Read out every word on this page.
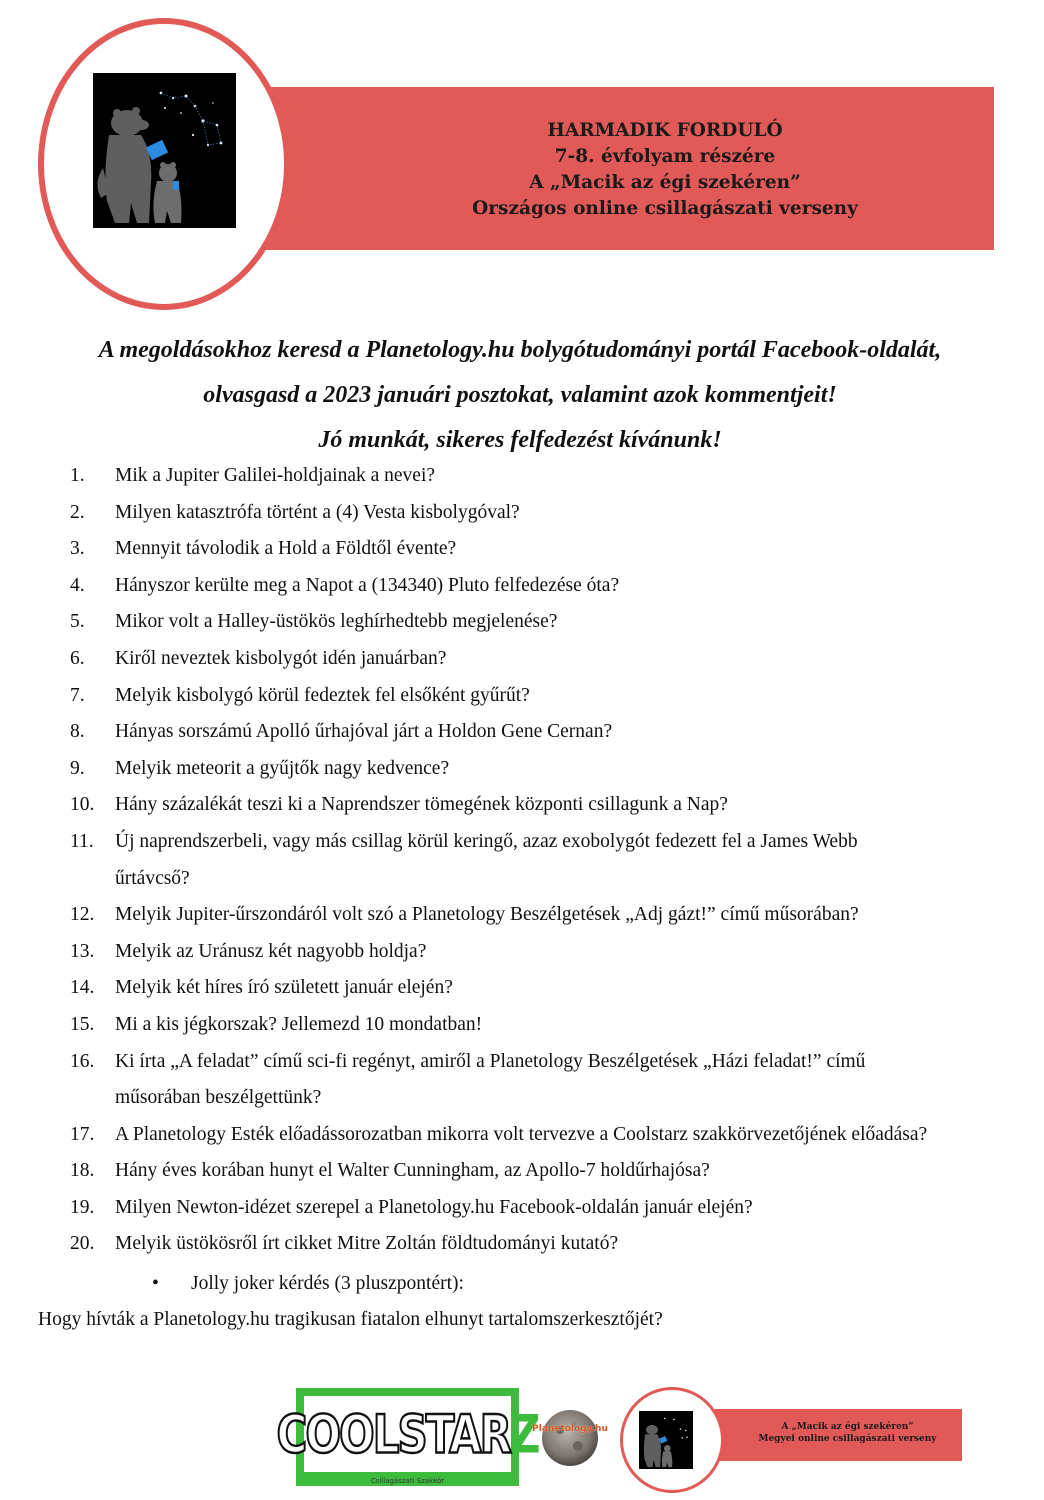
HARMADIK FORDULÓ
7-8. évfolyam részére
A „Macik az égi szekéren”
Országos online csillagászati verseny
A megoldásokhoz keresd a Planetology.hu bolygótudományi portál Facebook-oldalát,
olvasgasd a 2023 januári posztokat, valamint azok kommentjeit!
Jó munkát, sikeres felfedezést kívánunk!
1.	Mik a Jupiter Galilei-holdjainak a nevei?
2.	Milyen katasztrófa történt a (4) Vesta kisbolygóval?
3.	Mennyit távolodik a Hold a Földtől évente?
4.	Hányszor kerülte meg a Napot a (134340) Pluto felfedezése óta?
5.	Mikor volt a Halley-üstökös leghírhedtebb megjelenése?
6.	Kiről neveztek kisbolygót idén januárban?
7.	Melyik kisbolygó körül fedeztek fel elsőként gyűrűt?
8.	Hányas sorszámú Apolló űrhajóval járt a Holdon Gene Cernan?
9.	Melyik meteorit a gyűjtők nagy kedvence?
10.	Hány százalékát teszi ki a Naprendszer tömegének központi csillagunk a Nap?
11.	Új naprendszerbeli, vagy más csillag körül keringő, azaz exobolygót fedezett fel a James Webb
űrtávcső?
12.	Melyik Jupiter-űrszondáról volt szó a Planetology Beszélgetések „Adj gázt!” című műsorában?
13.	Melyik az Uránusz két nagyobb holdja?
14.	Melyik két híres író született január elején?
15.	Mi a kis jégkorszak? Jellemezd 10 mondatban!
16.	Ki írta „A feladat” című sci-fi regényt, amiről a Planetology Beszélgetések „Házi feladat!” című
műsorában beszélgettünk?
17.	A Planetology Esték előadássorozatban mikorra volt tervezve a Coolstarz szakkörvezetőjének előadása?
18.	Hány éves korában hunyt el Walter Cunningham, az Apollo-7 holdűrhajósa?
19.	Milyen Newton-idézet szerepel a Planetology.hu Facebook-oldalán január elején?
20.	Melyik üstökösről írt cikket Mitre Zoltán földtudományi kutató?
•	Jolly joker kérdés (3 pluszpontért):
Hogy hívták a Planetology.hu tragikusan fiatalon elhunyt tartalomszerkesztőjét?
COOLSTARZ
Csillagászati Szakkör
Planetology.hu	A „Macik az égi szekéren”
Megyei online csillagászati verseny
